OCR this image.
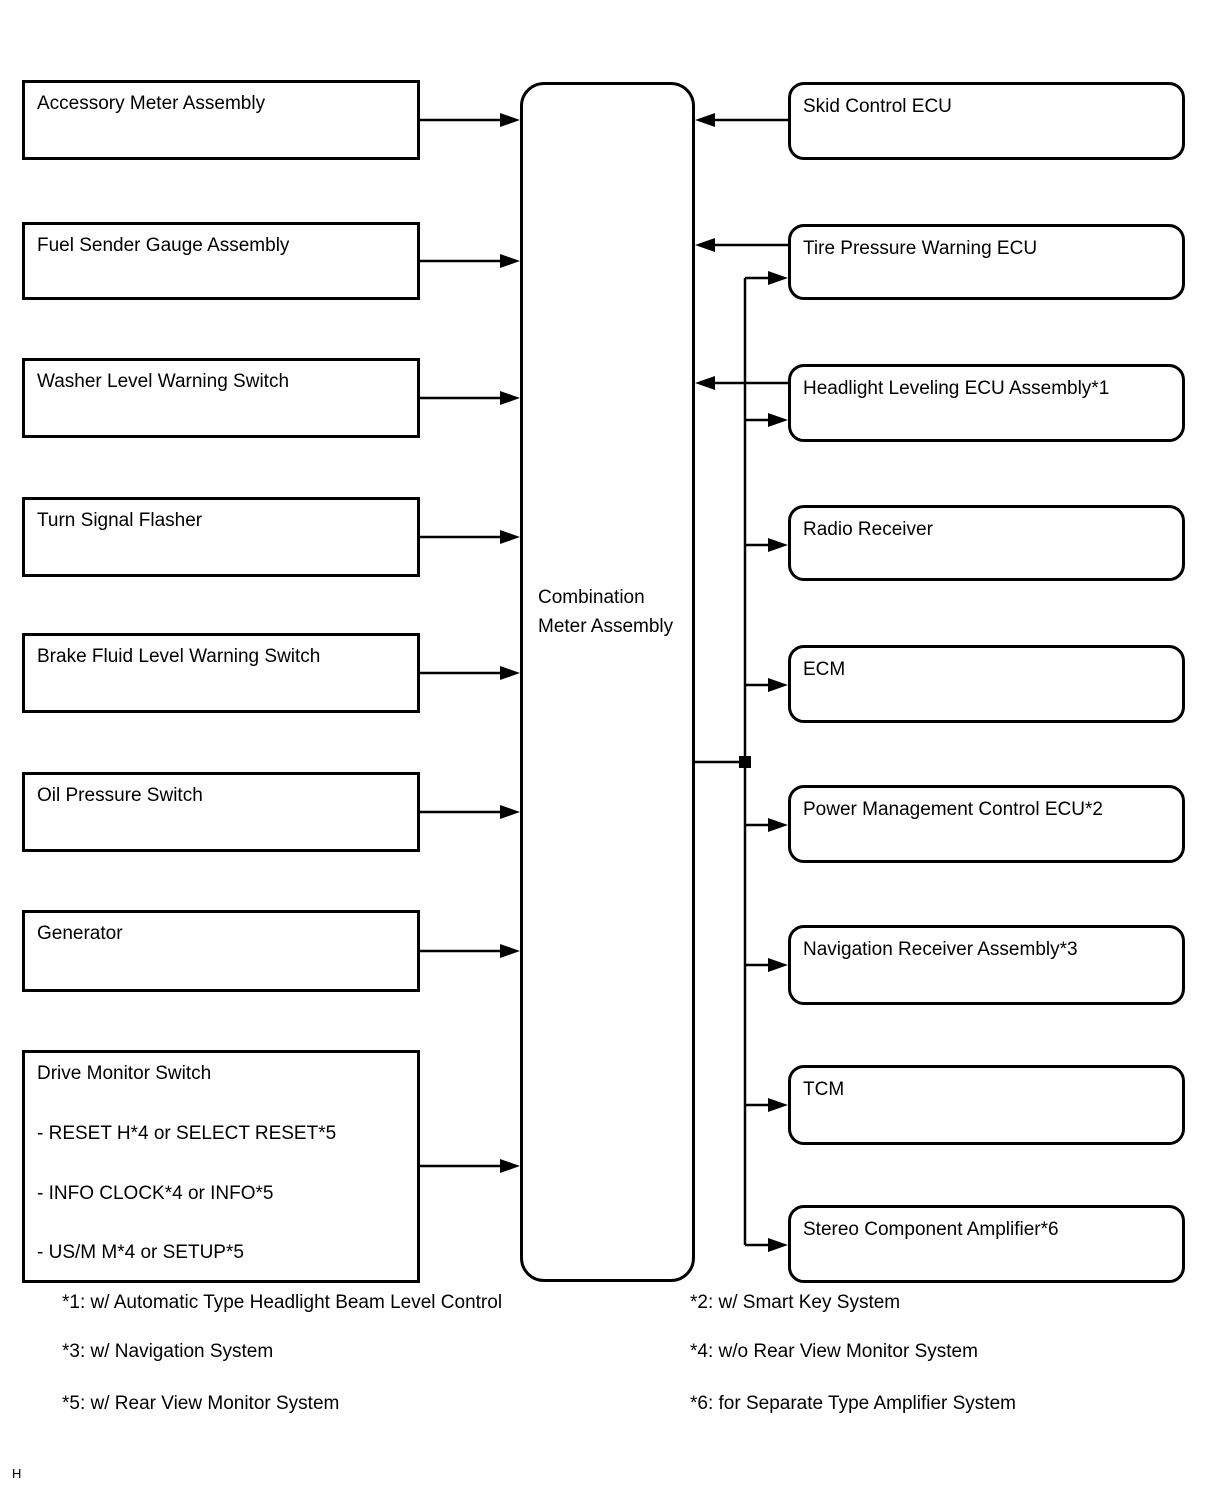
Accessory Meter Assembly
Fuel Sender Gauge Assembly
Washer Level Warning Switch
Turn Signal Flasher
Brake Fluid Level Warning Switch
Oil Pressure Switch
Generator
Drive Monitor Switch
- RESET H*4 or SELECT RESET*5
- INFO CLOCK*4 or INFO*5
- US/M M*4 or SETUP*5
Combination Meter Assembly
Skid Control ECU
Tire Pressure Warning ECU
Headlight Leveling ECU Assembly*1
Radio Receiver
ECM
Power Management Control ECU*2
Navigation Receiver Assembly*3
TCM
Stereo Component Amplifier*6
*1: w/ Automatic Type Headlight Beam Level Control	*2: w/ Smart Key System
*3: w/ Navigation System	*4: w/o Rear View Monitor System
*5: w/ Rear View Monitor System	*6: for Separate Type Amplifier System
H
